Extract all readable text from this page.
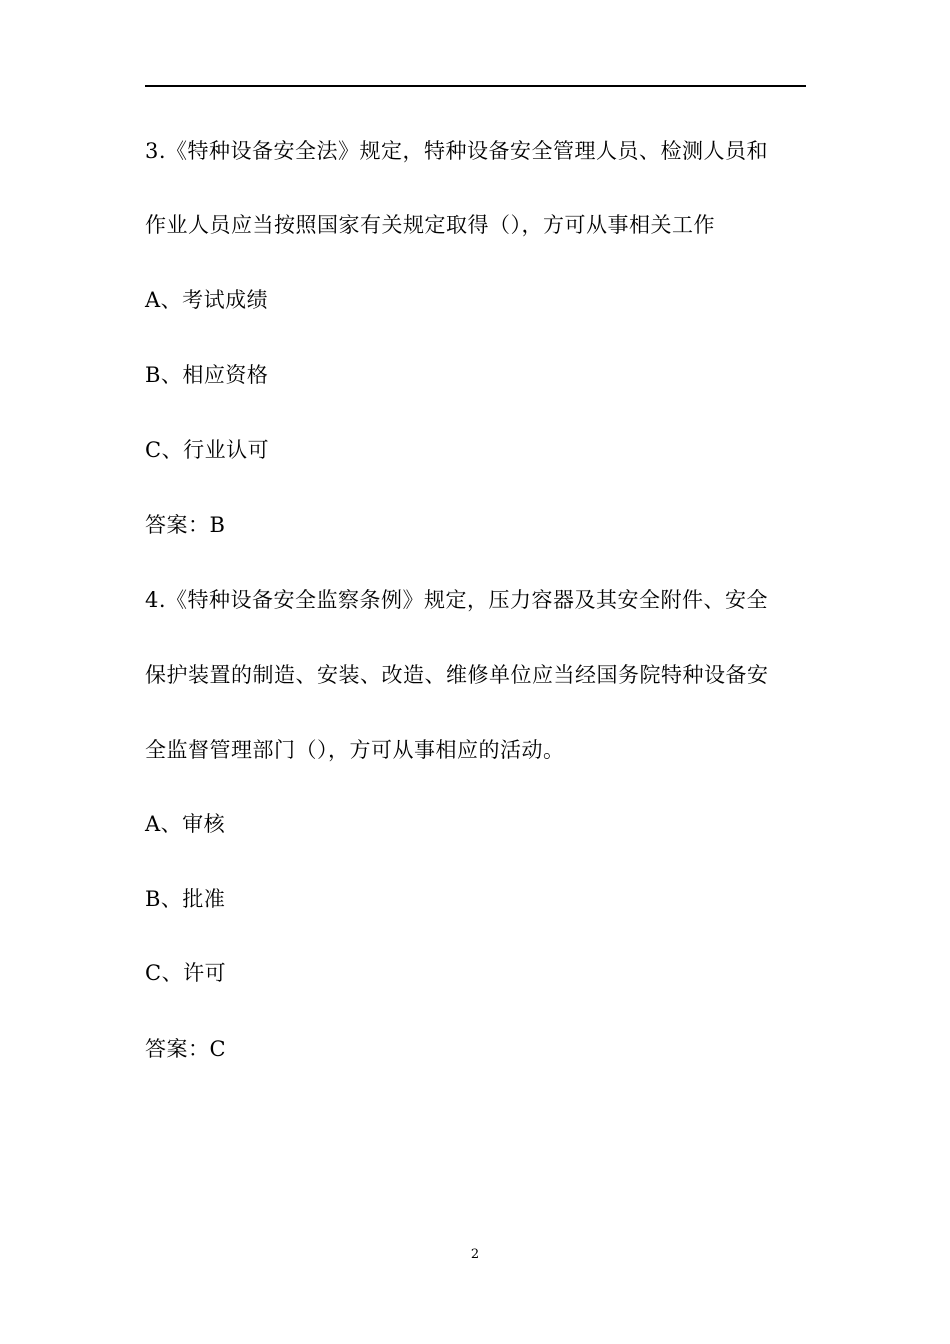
3.《特种设备安全法》规定，特种设备安全管理人员、检测人员和
作业人员应当按照国家有关规定取得（），方可从事相关工作
A、考试成绩
B、相应资格
C、行业认可
答案：B
4.《特种设备安全监察条例》规定，压力容器及其安全附件、安全
保护装置的制造、安装、改造、维修单位应当经国务院特种设备安
全监督管理部门（），方可从事相应的活动。
A、审核
B、批准
C、许可
答案：C
2
